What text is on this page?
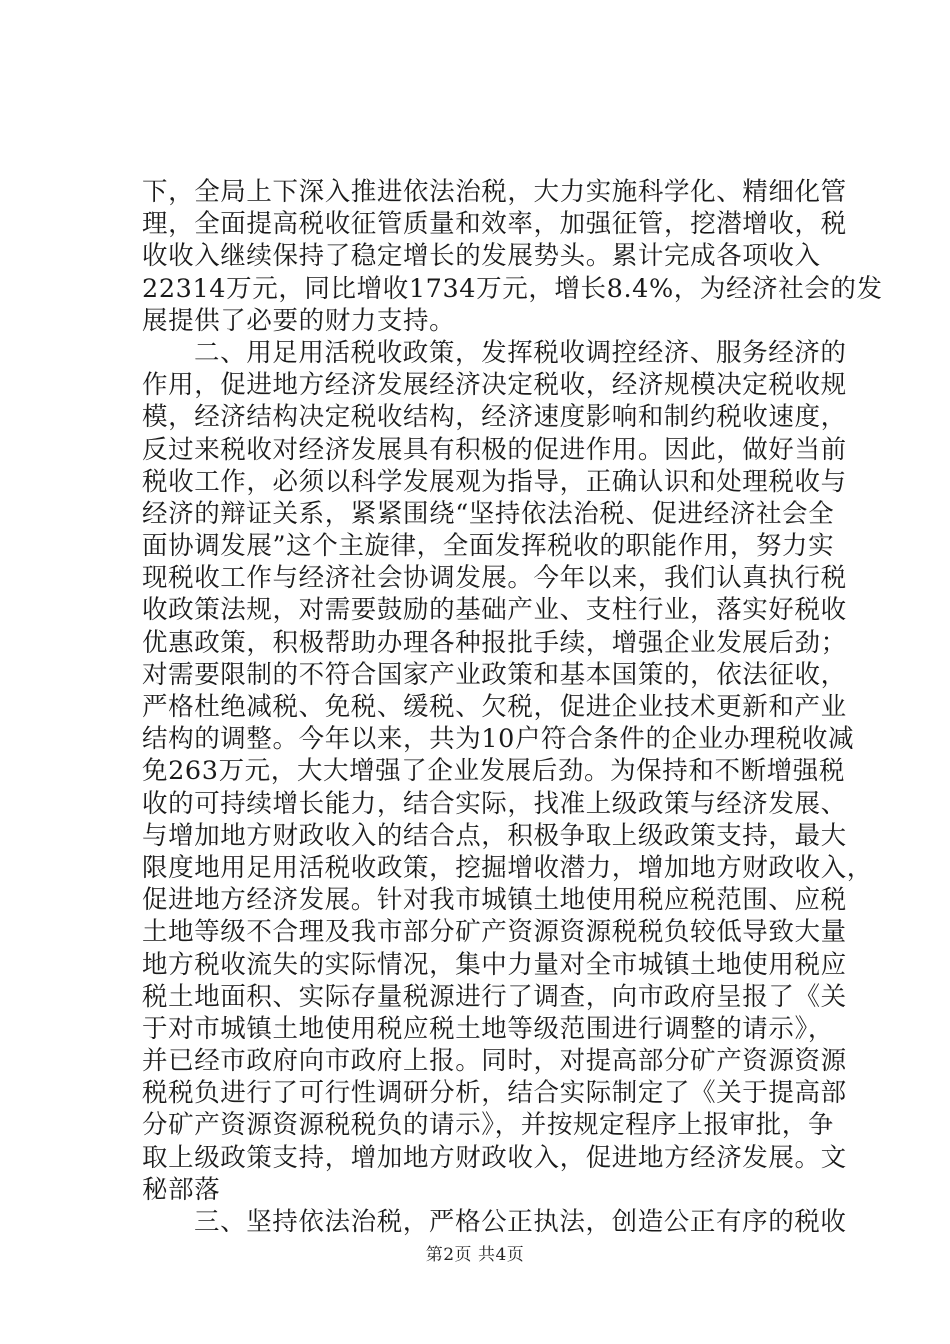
下，全局上下深入推进依法治税，大力实施科学化、精细化管
理，全面提高税收征管质量和效率，加强征管，挖潜增收，税
收收入继续保持了稳定增长的发展势头。累计完成各项收入
22314万元，同比增收1734万元，增长8.4%，为经济社会的发
展提供了必要的财力支持。
二、用足用活税收政策，发挥税收调控经济、服务经济的
作用，促进地方经济发展经济决定税收，经济规模决定税收规
模，经济结构决定税收结构，经济速度影响和制约税收速度，
反过来税收对经济发展具有积极的促进作用。因此，做好当前
税收工作，必须以科学发展观为指导，正确认识和处理税收与
经济的辩证关系，紧紧围绕“坚持依法治税、促进经济社会全
面协调发展”这个主旋律，全面发挥税收的职能作用，努力实
现税收工作与经济社会协调发展。今年以来，我们认真执行税
收政策法规，对需要鼓励的基础产业、支柱行业，落实好税收
优惠政策，积极帮助办理各种报批手续，增强企业发展后劲；
对需要限制的不符合国家产业政策和基本国策的，依法征收，
严格杜绝减税、免税、缓税、欠税，促进企业技术更新和产业
结构的调整。今年以来，共为10户符合条件的企业办理税收减
免263万元，大大增强了企业发展后劲。为保持和不断增强税
收的可持续增长能力，结合实际，找准上级政策与经济发展、
与增加地方财政收入的结合点，积极争取上级政策支持，最大
限度地用足用活税收政策，挖掘增收潜力，增加地方财政收入，
促进地方经济发展。针对我市城镇土地使用税应税范围、应税
土地等级不合理及我市部分矿产资源资源税税负较低导致大量
地方税收流失的实际情况，集中力量对全市城镇土地使用税应
税土地面积、实际存量税源进行了调查，向市政府呈报了《关
于对市城镇土地使用税应税土地等级范围进行调整的请示》，
并已经市政府向市政府上报。同时，对提高部分矿产资源资源
税税负进行了可行性调研分析，结合实际制定了《关于提高部
分矿产资源资源税税负的请示》，并按规定程序上报审批，争
取上级政策支持，增加地方财政收入，促进地方经济发展。文
秘部落
三、坚持依法治税，严格公正执法，创造公正有序的税收
第2页 共4页
